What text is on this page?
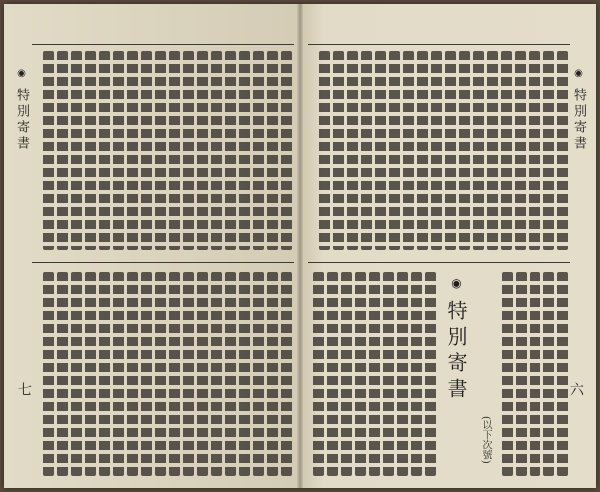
◉
特別寄書
七
◉
特別寄書
◉
特別寄書
(以下次號)
六
